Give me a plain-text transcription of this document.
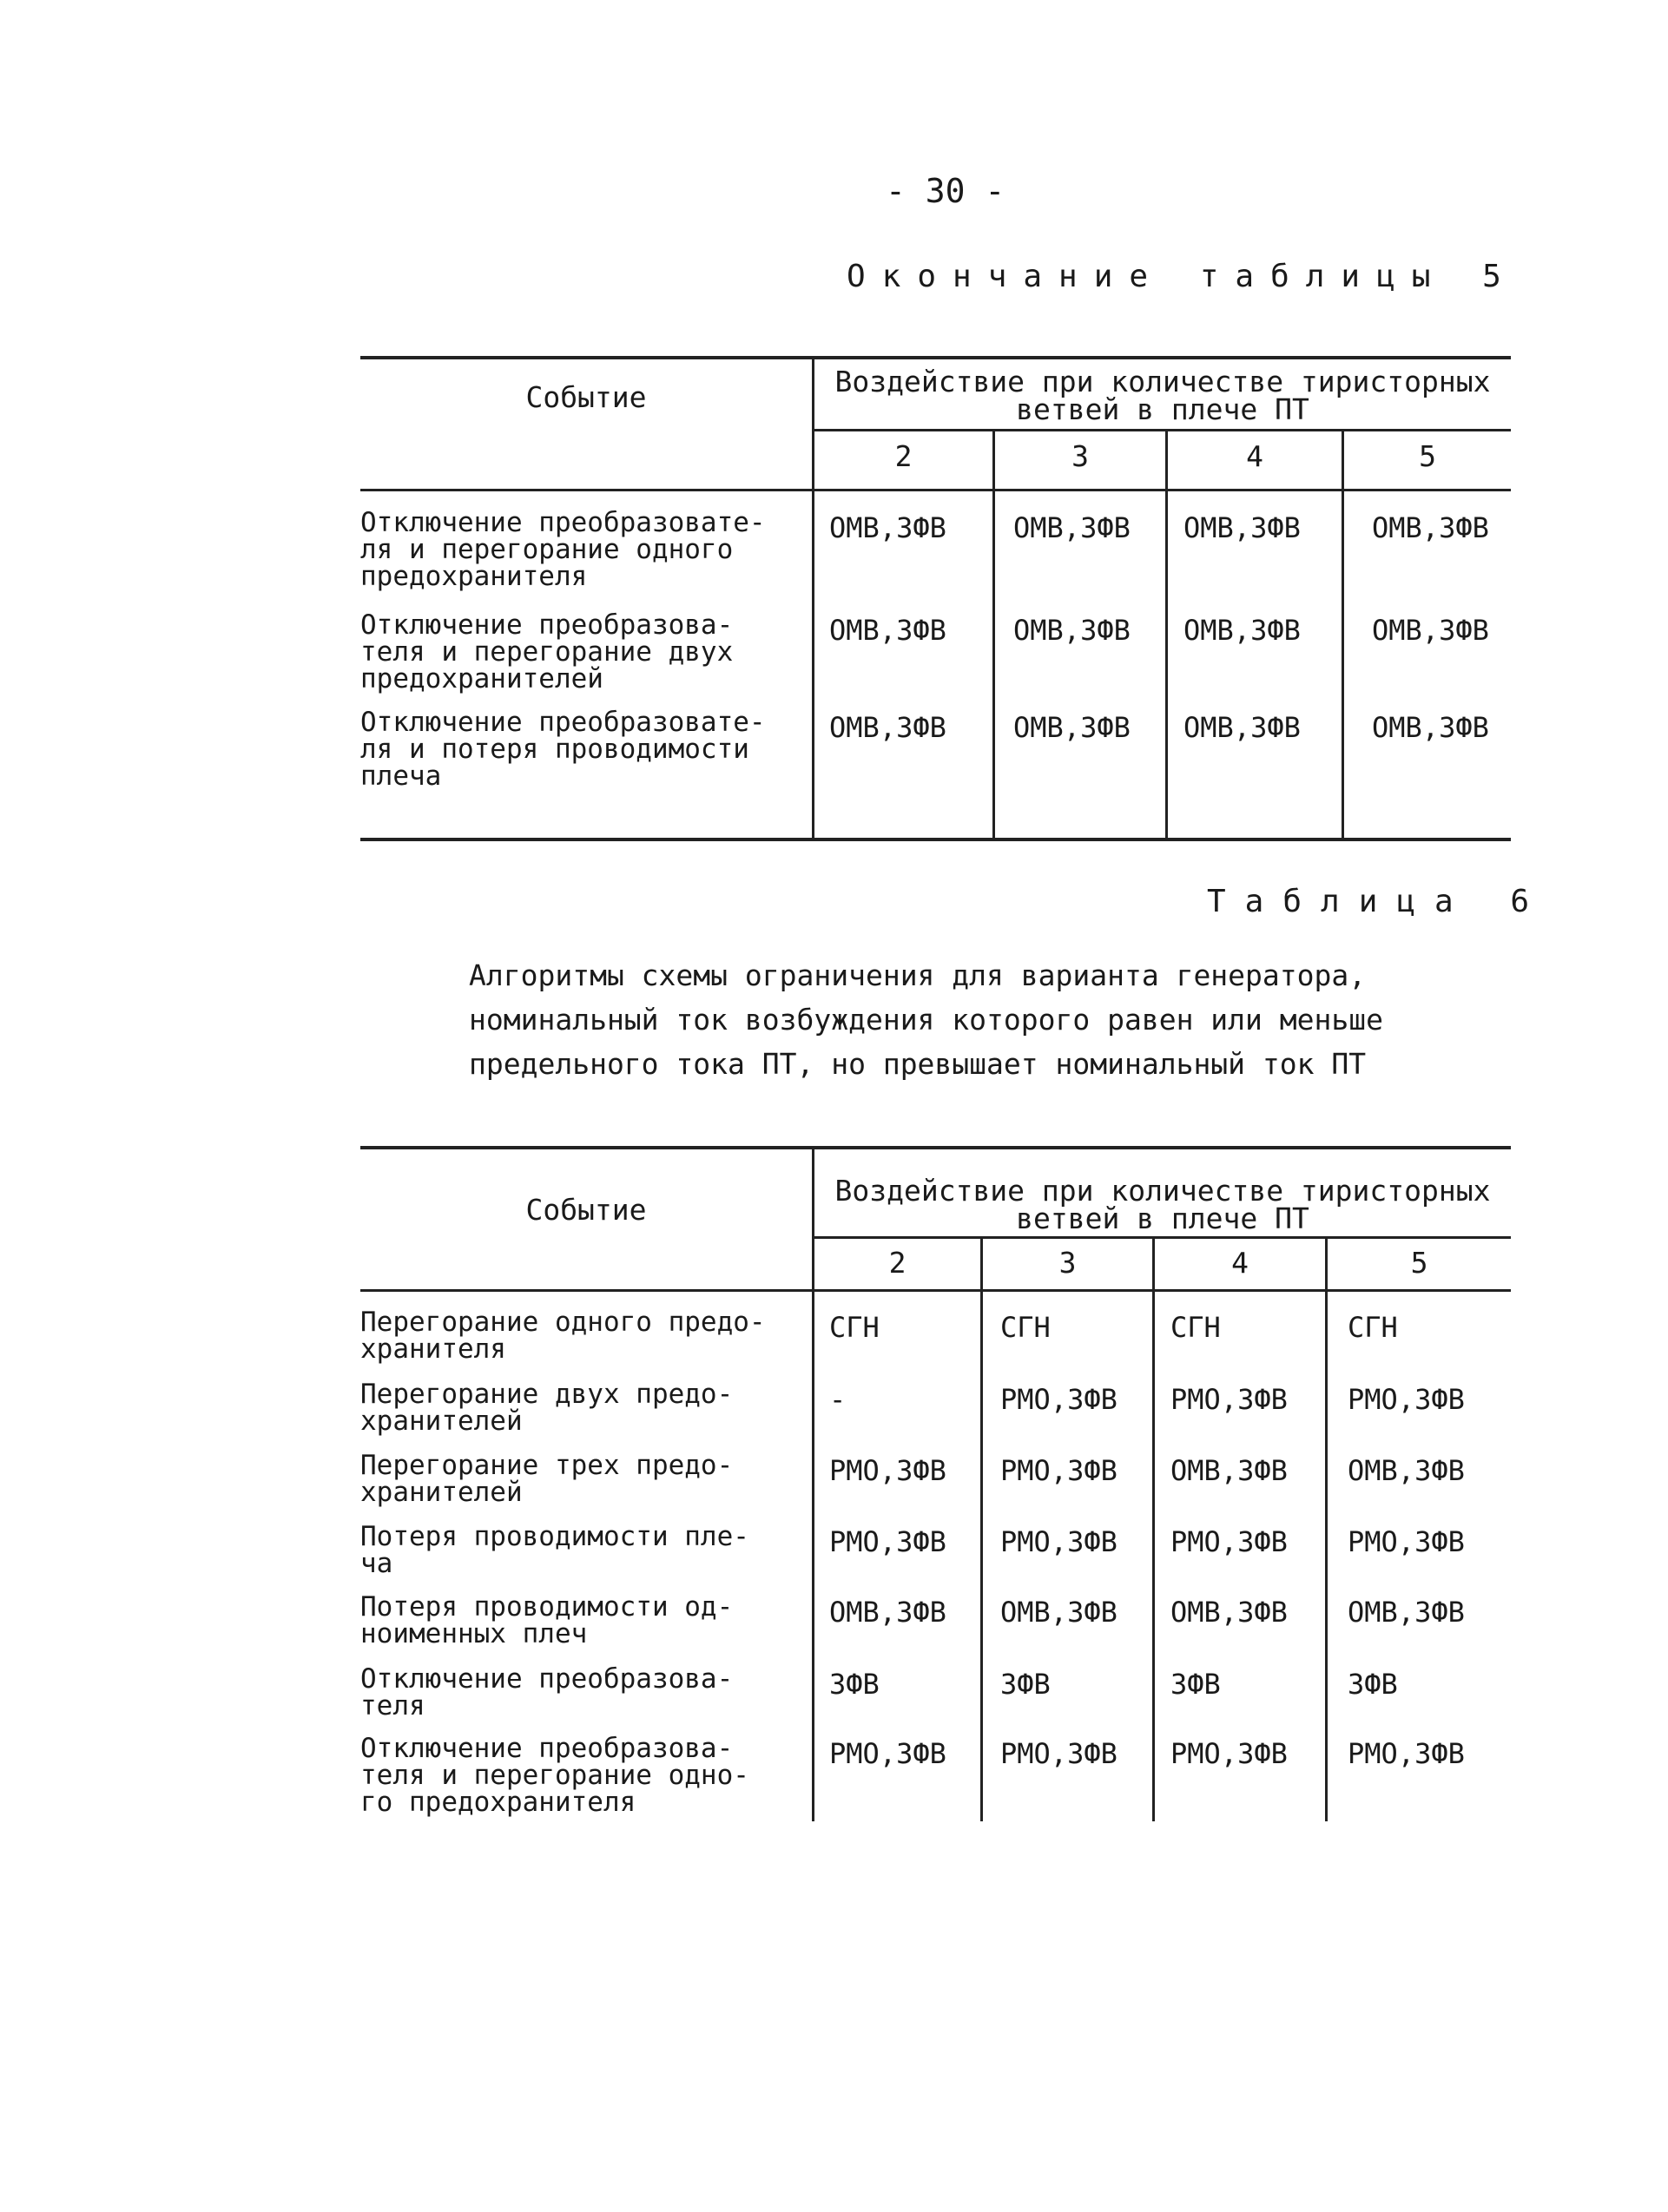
- 30 -
Окончание таблицы 5
Событие	Воздействие при количестве тиристорных
ветвей в плече ПТ
2	3	4	5
Отключение преобразовате-
ля и перегорание одного
предохранителя
ОМВ,ЗФВ ОМВ,ЗФВ ОМВ,ЗФВ	ОМВ,ЗФВ
Отключение преобразова-
теля и перегорание двух
предохранителей
ОМВ,ЗФВ ОМВ,ЗФВ ОМВ,ЗФВ	ОМВ,ЗФВ
Отключение преобразовате-
ля и потеря проводимости
плеча
ОМВ,ЗФВ ОМВ,ЗФВ ОМВ,ЗФВ	ОМВ,ЗФВ
Таблица 6
Алгоритмы схемы ограничения для варианта генератора,
номинальный ток возбуждения которого равен или меньше
предельного тока ПТ, но превышает номинальный ток ПТ
Событие
Воздействие при количестве тиристорных
ветвей в плече ПТ
2	3	4	5
Перегорание одного предо-
хранителя
СГН	СГН	СГН	СГН
Перегорание двух предо-
хранителей
-	РМО,ЗФВ РМО,ЗФВ РМО,ЗФВ
Перегорание трех предо-
хранителей
РМО,ЗФВ РМО,ЗФВ ОМВ,ЗФВ ОМВ,ЗФВ
Потеря проводимости пле-
ча
РМО,ЗФВ РМО,ЗФВ РМО,ЗФВ РМО,ЗФВ
Потеря проводимости од-
ноименных плеч
ОМВ,ЗФВ ОМВ,ЗФВ ОМВ,ЗФВ ОМВ,ЗФВ
Отключение преобразова-
теля
ЗФВ	ЗФВ	ЗФВ	ЗФВ
Отключение преобразова-
теля и перегорание одно-
го предохранителя
РМО,ЗФВ РМО,ЗФВ РМО,ЗФВ РМО,ЗФВ
